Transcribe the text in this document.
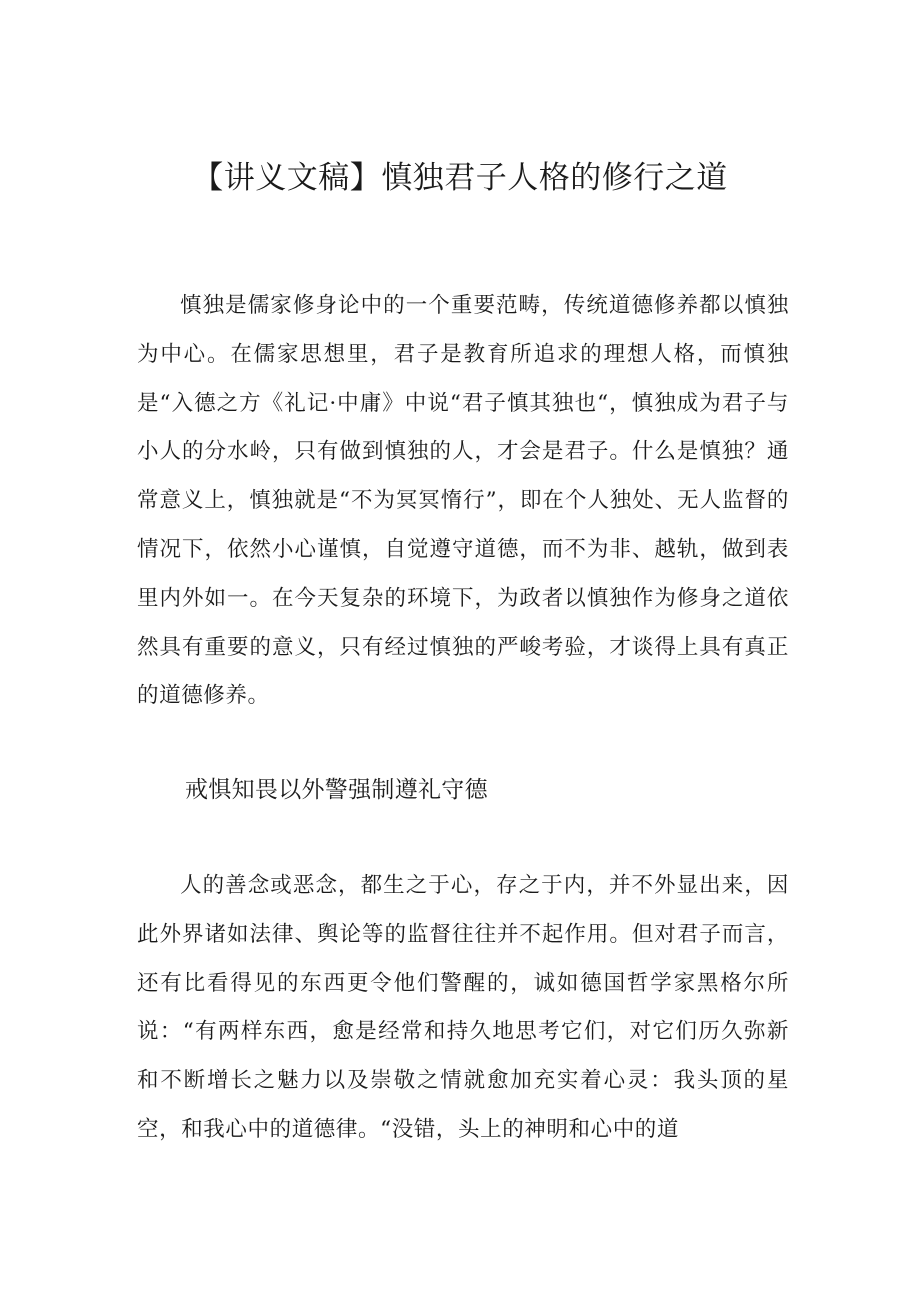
【讲义文稿】慎独君子人格的修行之道

慎独是儒家修身论中的一个重要范畴，传统道德修养都以慎独为中心。在儒家思想里，君子是教育所追求的理想人格，而慎独是“入德之方《礼记·中庸》中说“君子慎其独也“，慎独成为君子与小人的分水岭，只有做到慎独的人，才会是君子。什么是慎独？通常意义上，慎独就是“不为冥冥惰行”，即在个人独处、无人监督的情况下，依然小心谨慎，自觉遵守道德，而不为非、越轨，做到表里内外如一。在今天复杂的环境下，为政者以慎独作为修身之道依然具有重要的意义，只有经过慎独的严峻考验，才谈得上具有真正的道德修养。

戒惧知畏以外警强制遵礼守德

人的善念或恶念，都生之于心，存之于内，并不外显出来，因此外界诸如法律、舆论等的监督往往并不起作用。但对君子而言，还有比看得见的东西更令他们警醒的，诚如德国哲学家黑格尔所说：“有两样东西，愈是经常和持久地思考它们，对它们历久弥新和不断增长之魅力以及崇敬之情就愈加充实着心灵：我头顶的星空，和我心中的道德律。“没错，头上的神明和心中的道
